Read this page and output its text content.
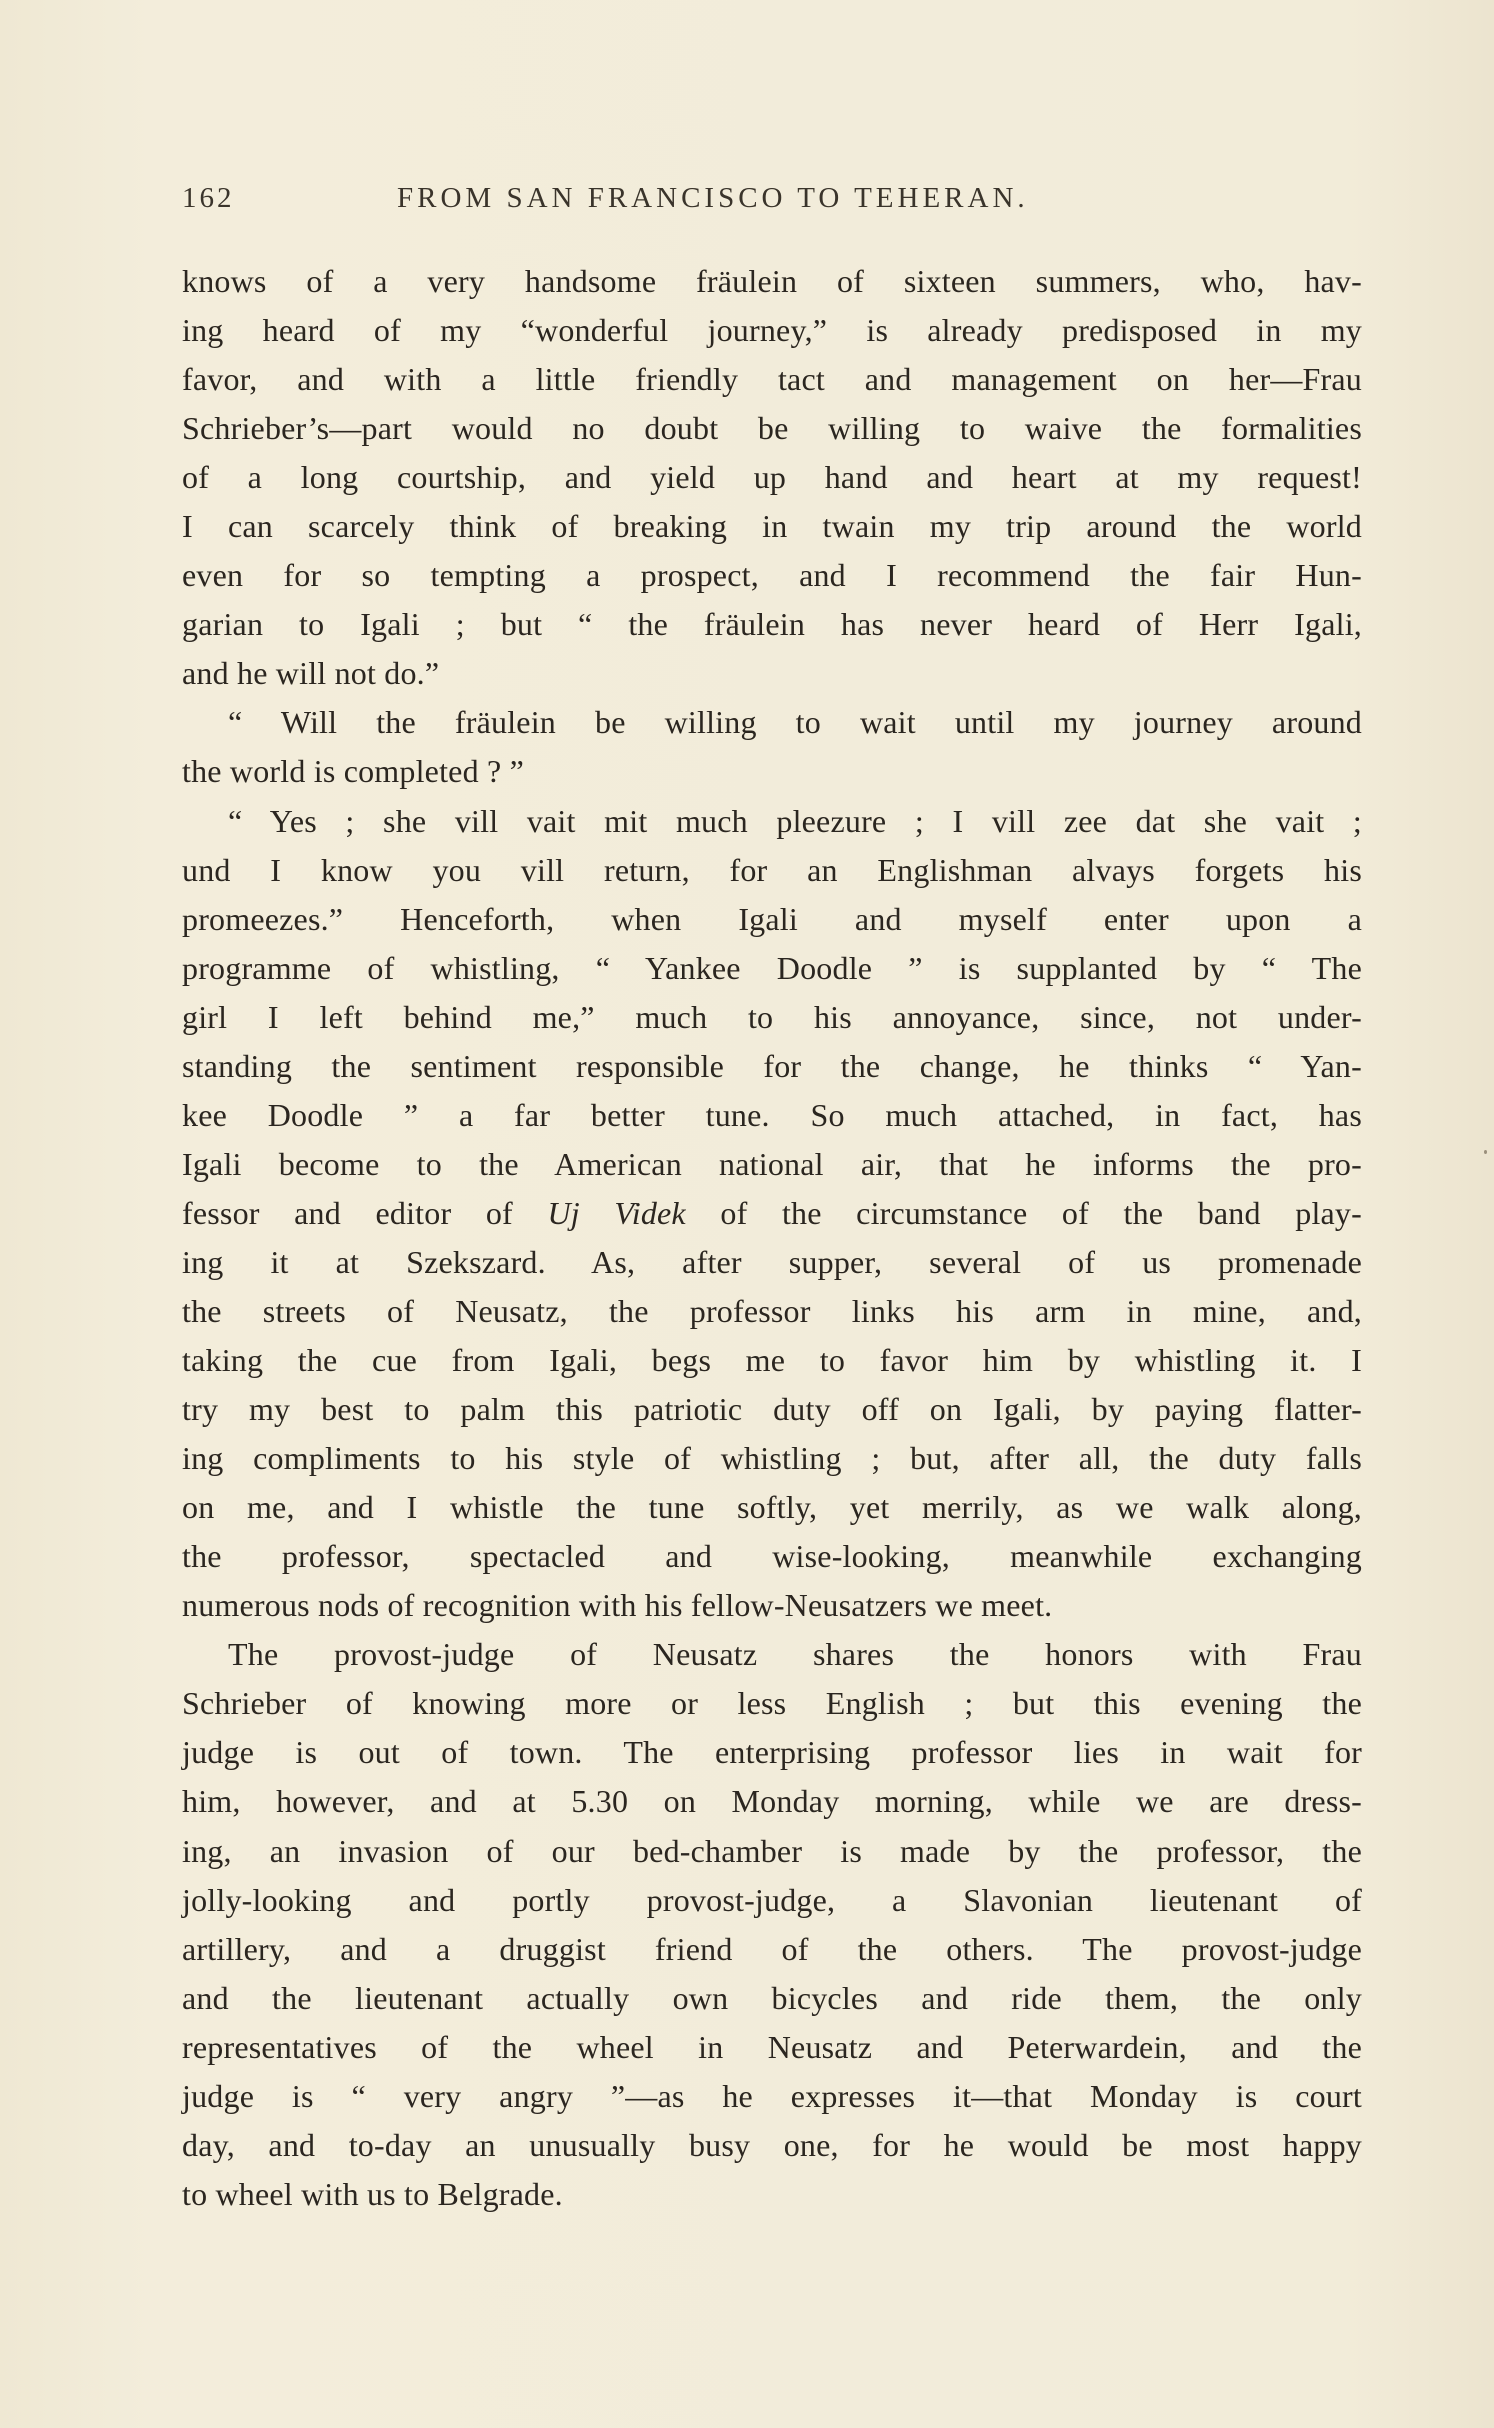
162	FROM SAN FRANCISCO TO TEHERAN.
knows of a very handsome fräulein of sixteen summers, who, hav-
ing heard of my “wonderful journey,” is already predisposed in my
favor, and with a little friendly tact and management on her—Frau
Schrieber’s—part would no doubt be willing to waive the formalities
of a long courtship, and yield up hand and heart at my request!
I can scarcely think of breaking in twain my trip around the world
even for so tempting a prospect, and I recommend the fair Hun-
garian to Igali ; but “ the fräulein has never heard of Herr Igali,
and he will not do.”
“ Will the fräulein be willing to wait until my journey around
the world is completed ? ”
“ Yes ; she vill vait mit much pleezure ; I vill zee dat she vait ;
und I know you vill return, for an Englishman alvays forgets his
promeezes.” Henceforth, when Igali and myself enter upon a
programme of whistling, “ Yankee Doodle ” is supplanted by “ The
girl I left behind me,” much to his annoyance, since, not under-
standing the sentiment responsible for the change, he thinks “ Yan-
kee Doodle ” a far better tune. So much attached, in fact, has
Igali become to the American national air, that he informs the pro-
fessor and editor of Uj Videk of the circumstance of the band play-
ing it at Szekszard. As, after supper, several of us promenade
the streets of Neusatz, the professor links his arm in mine, and,
taking the cue from Igali, begs me to favor him by whistling it. I
try my best to palm this patriotic duty off on Igali, by paying flatter-
ing compliments to his style of whistling ; but, after all, the duty falls
on me, and I whistle the tune softly, yet merrily, as we walk along,
the professor, spectacled and wise-looking, meanwhile exchanging
numerous nods of recognition with his fellow-Neusatzers we meet.
The provost-judge of Neusatz shares the honors with Frau
Schrieber of knowing more or less English ; but this evening the
judge is out of town. The enterprising professor lies in wait for
him, however, and at 5.30 on Monday morning, while we are dress-
ing, an invasion of our bed-chamber is made by the professor, the
jolly-looking and portly provost-judge, a Slavonian lieutenant of
artillery, and a druggist friend of the others. The provost-judge
and the lieutenant actually own bicycles and ride them, the only
representatives of the wheel in Neusatz and Peterwardein, and the
judge is “ very angry ”—as he expresses it—that Monday is court
day, and to-day an unusually busy one, for he would be most happy
to wheel with us to Belgrade.
